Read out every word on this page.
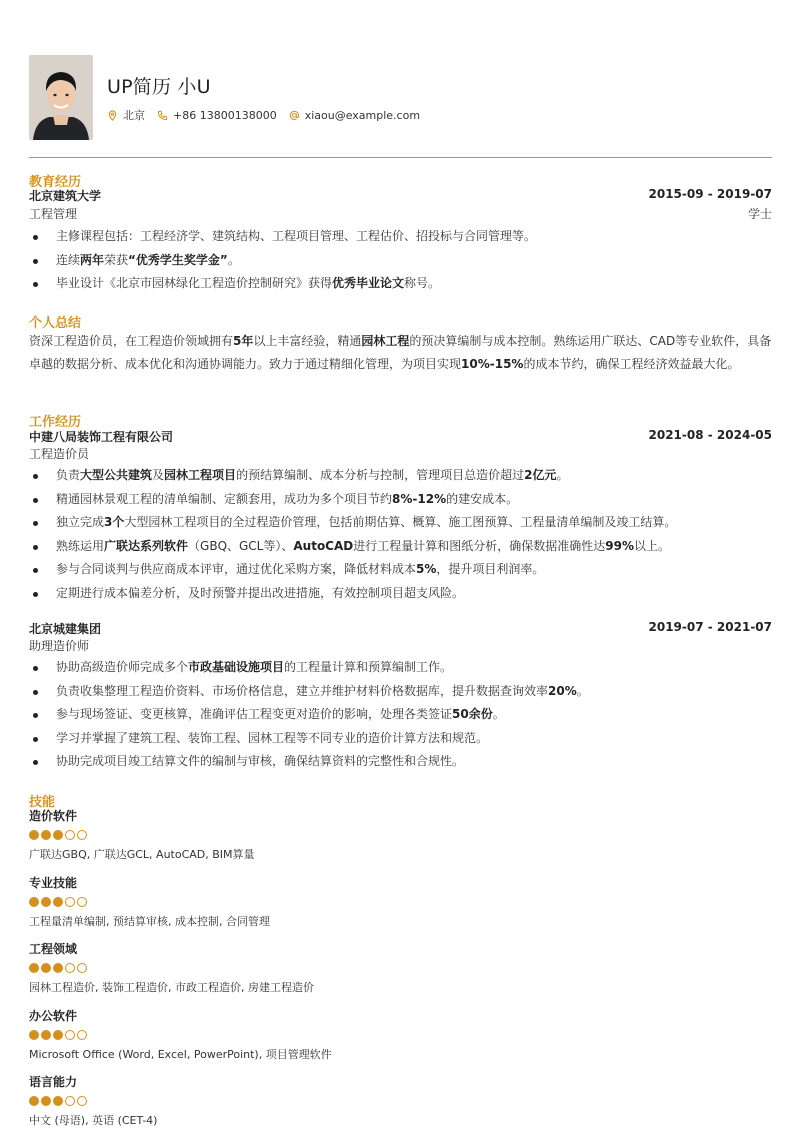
UP简历 小U
北京	+86 13800138000	xiaou@example.com
教育经历
北京建筑大学	2015-09 - 2019-07
工程管理	学士
主修课程包括：工程经济学、建筑结构、工程项目管理、工程估价、招投标与合同管理等。
连续两年荣获“优秀学生奖学金”。
毕业设计《北京市园林绿化工程造价控制研究》获得优秀毕业论文称号。
个人总结
资深工程造价员，在工程造价领域拥有5年以上丰富经验，精通园林工程的预决算编制与成本控制。熟练运用广联达、CAD等专业软件，具备卓越的数据分析、成本优化和沟通协调能力。致力于通过精细化管理，为项目实现10%-15%的成本节约，确保工程经济效益最大化。
工作经历
中建八局装饰工程有限公司	2021-08 - 2024-05
工程造价员
负责大型公共建筑及园林工程项目的预结算编制、成本分析与控制，管理项目总造价超过2亿元。
精通园林景观工程的清单编制、定额套用，成功为多个项目节约8%-12%的建安成本。
独立完成3个大型园林工程项目的全过程造价管理，包括前期估算、概算、施工图预算、工程量清单编制及竣工结算。
熟练运用广联达系列软件（GBQ、GCL等）、AutoCAD进行工程量计算和图纸分析，确保数据准确性达99%以上。
参与合同谈判与供应商成本评审，通过优化采购方案，降低材料成本5%，提升项目利润率。
定期进行成本偏差分析，及时预警并提出改进措施，有效控制项目超支风险。
北京城建集团	2019-07 - 2021-07
助理造价师
协助高级造价师完成多个市政基础设施项目的工程量计算和预算编制工作。
负责收集整理工程造价资料、市场价格信息，建立并维护材料价格数据库，提升数据查询效率20%。
参与现场签证、变更核算，准确评估工程变更对造价的影响，处理各类签证50余份。
学习并掌握了建筑工程、装饰工程、园林工程等不同专业的造价计算方法和规范。
协助完成项目竣工结算文件的编制与审核，确保结算资料的完整性和合规性。
技能
造价软件
广联达GBQ, 广联达GCL, AutoCAD, BIM算量
专业技能
工程量清单编制, 预结算审核, 成本控制, 合同管理
工程领域
园林工程造价, 装饰工程造价, 市政工程造价, 房建工程造价
办公软件
Microsoft Office (Word, Excel, PowerPoint), 项目管理软件
语言能力
中文 (母语), 英语 (CET-4)
